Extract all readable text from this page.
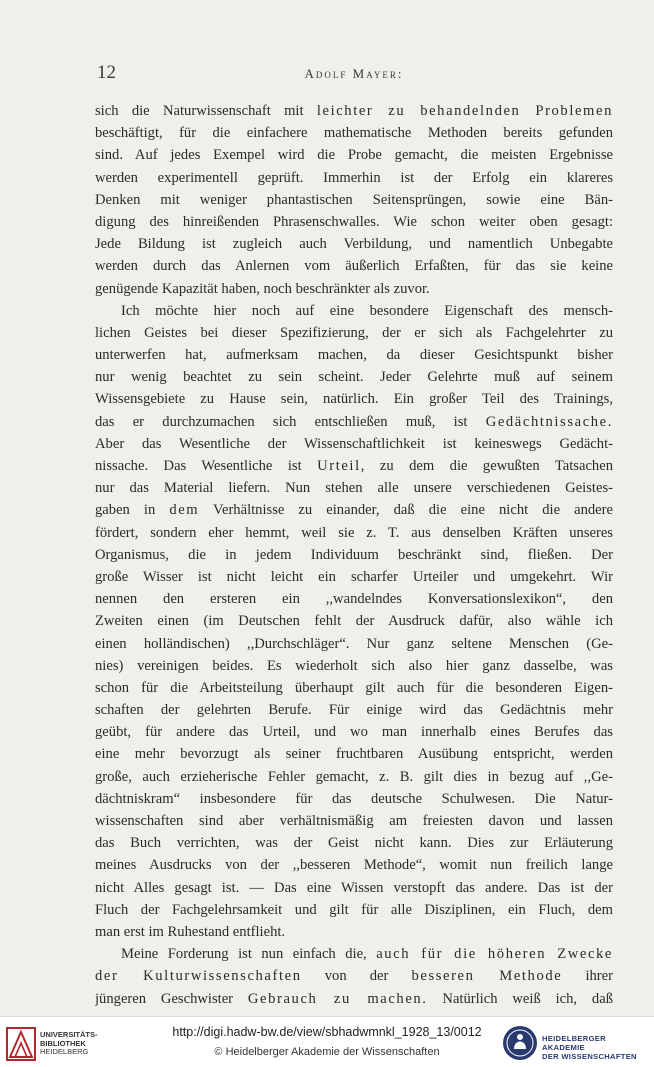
12	Adolf Mayer:
sich die Naturwissenschaft mit leichter zu behandelnden Problemen
beschäftigt, für die einfachere mathematische Methoden bereits gefunden
sind. Auf jedes Exempel wird die Probe gemacht, die meisten Ergebnisse
werden experimentell geprüft. Immerhin ist der Erfolg ein klareres
Denken mit weniger phantastischen Seitensprüngen, sowie eine Bän-
digung des hinreißenden Phrasenschwalles. Wie schon weiter oben gesagt:
Jede Bildung ist zugleich auch Verbildung, und namentlich Unbegabte
werden durch das Anlernen vom äußerlich Erfaßten, für das sie keine
genügende Kapazität haben, noch beschränkter als zuvor.
Ich möchte hier noch auf eine besondere Eigenschaft des mensch-
lichen Geistes bei dieser Spezifizierung, der er sich als Fachgelehrter zu
unterwerfen hat, aufmerksam machen, da dieser Gesichtspunkt bisher
nur wenig beachtet zu sein scheint. Jeder Gelehrte muß auf seinem
Wissensgebiete zu Hause sein, natürlich. Ein großer Teil des Trainings,
das er durchzumachen sich entschließen muß, ist Gedächtnissache.
Aber das Wesentliche der Wissenschaftlichkeit ist keineswegs Gedächt-
nissache. Das Wesentliche ist Urteil, zu dem die gewußten Tatsachen
nur das Material liefern. Nun stehen alle unsere verschiedenen Geistes-
gaben in dem Verhältnisse zu einander, daß die eine nicht die andere
fördert, sondern eher hemmt, weil sie z. T. aus denselben Kräften unseres
Organismus, die in jedem Individuum beschränkt sind, fließen. Der
große Wisser ist nicht leicht ein scharfer Urteiler und umgekehrt. Wir
nennen den ersteren ein ,,wandelndes Konversationslexikon“, den
Zweiten einen (im Deutschen fehlt der Ausdruck dafür, also wähle ich
einen holländischen) ,,Durchschläger“. Nur ganz seltene Menschen (Ge-
nies) vereinigen beides. Es wiederholt sich also hier ganz dasselbe, was
schon für die Arbeitsteilung überhaupt gilt auch für die besonderen Eigen-
schaften der gelehrten Berufe. Für einige wird das Gedächtnis mehr
geübt, für andere das Urteil, und wo man innerhalb eines Berufes das
eine mehr bevorzugt als seiner fruchtbaren Ausübung entspricht, werden
große, auch erzieherische Fehler gemacht, z. B. gilt dies in bezug auf ,,Ge-
dächtniskram“ insbesondere für das deutsche Schulwesen. Die Natur-
wissenschaften sind aber verhältnismäßig am freiesten davon und lassen
das Buch verrichten, was der Geist nicht kann. Dies zur Erläuterung
meines Ausdrucks von der ,,besseren Methode“, womit nun freilich lange
nicht Alles gesagt ist. — Das eine Wissen verstopft das andere. Das ist der
Fluch der Fachgelehrsamkeit und gilt für alle Disziplinen, ein Fluch, dem
man erst im Ruhestand entflieht.
Meine Forderung ist nun einfach die, auch für die höheren Zwecke
der Kulturwissenschaften von der besseren Methode ihrer
jüngeren Geschwister Gebrauch zu machen. Natürlich weiß ich, daß
UNIVERSITÄTS-
BIBLIOTHEK
HEIDELBERG
http://digi.hadw-bw.de/view/sbhadwmnkl_1928_13/0012
© Heidelberger Akademie der Wissenschaften
HEIDELBERGER AKADEMIE
DER WISSENSCHAFTEN
